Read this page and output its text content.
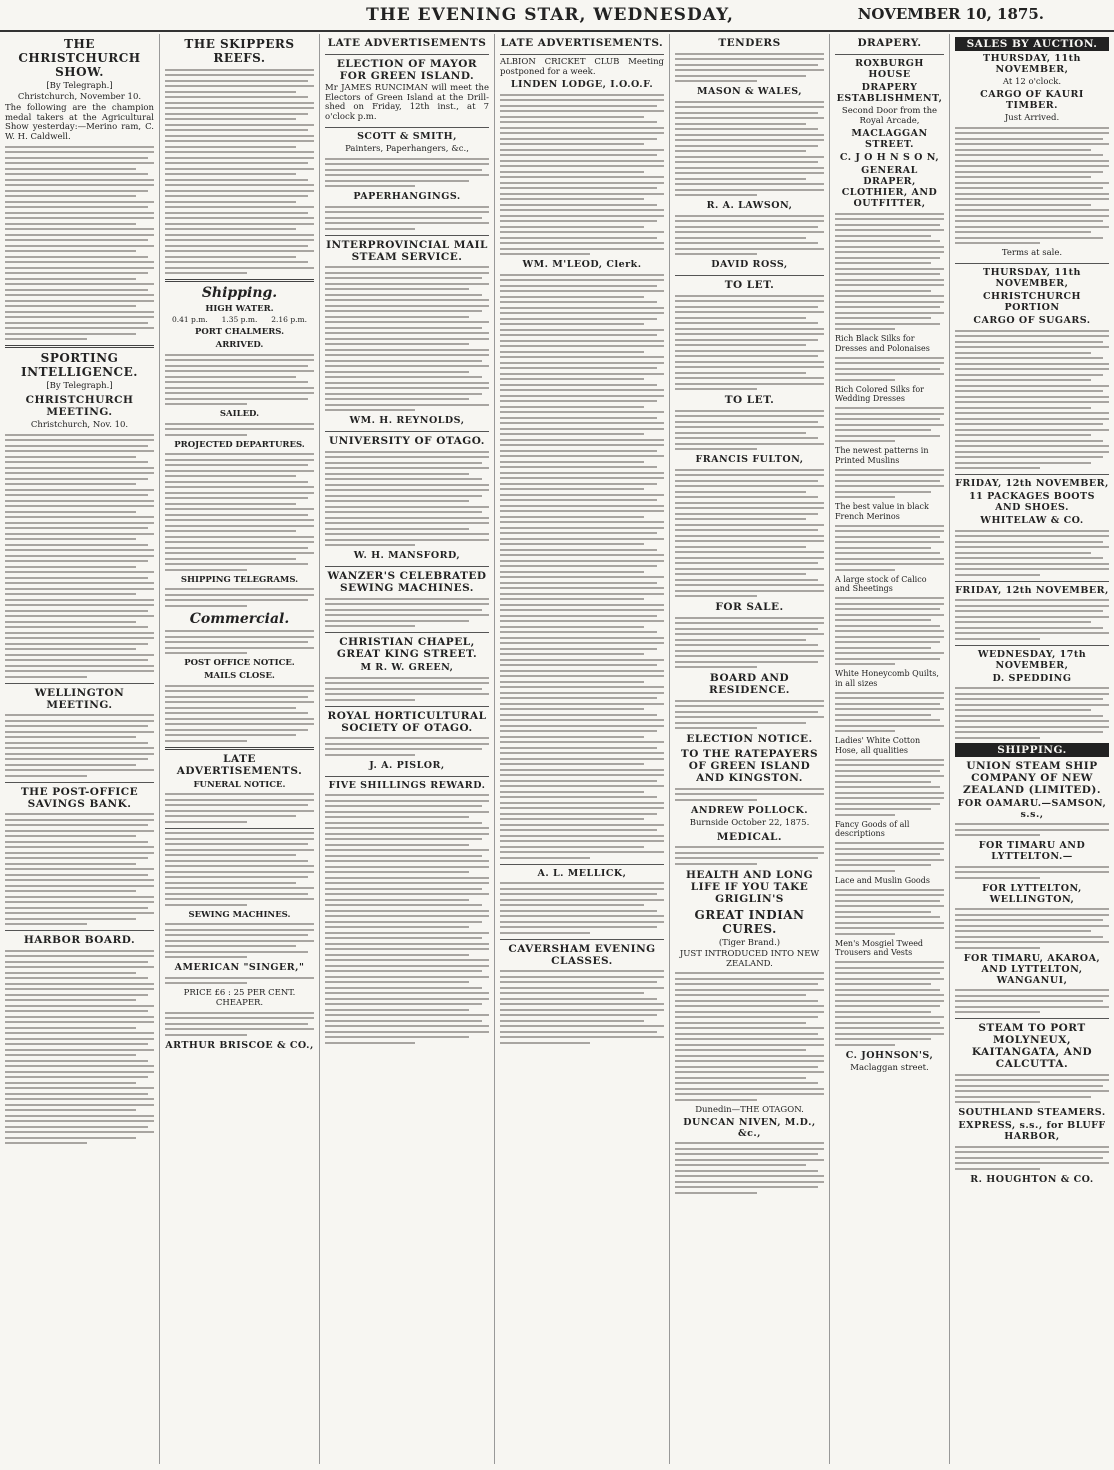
THE EVENING STAR, WEDNESDAY,	NOVEMBER 10, 1875.
THE CHRISTCHURCH SHOW.
[By Telegraph.]
Christchurch, November 10.
The following are the champion medal takers at the Agricultural Show yesterday:—Merino ram, C. W. H. Caldwell.
SPORTING INTELLIGENCE.
[By Telegraph.]
CHRISTCHURCH MEETING.
Christchurch, Nov. 10.
WELLINGTON MEETING.
THE POST-OFFICE SAVINGS BANK.
HARBOR BOARD.
THE SKIPPERS REEFS.
Shipping.
HIGH WATER.
0.41 p.m. 1.35 p.m. 2.16 p.m.
PORT CHALMERS.
ARRIVED.
SAILED.
PROJECTED DEPARTURES.
SHIPPING TELEGRAMS.
Commercial.
POST OFFICE NOTICE.
MAILS CLOSE.
LATE ADVERTISEMENTS.
FUNERAL NOTICE.
SEWING MACHINES.
AMERICAN "SINGER,"
PRICE £6 : 25 PER CENT. CHEAPER.
ARTHUR BRISCOE & CO.,
LATE ADVERTISEMENTS
ELECTION OF MAYOR FOR GREEN ISLAND.
Mr JAMES RUNCIMAN will meet the Electors of Green Island at the Drill-shed on Friday, 12th inst., at 7 o'clock p.m.
SCOTT & SMITH,
Painters, Paperhangers, &c.,
PAPERHANGINGS.
INTERPROVINCIAL MAIL STEAM SERVICE.
WM. H. REYNOLDS,
UNIVERSITY OF OTAGO.
W. H. MANSFORD,
WANZER'S CELEBRATED SEWING MACHINES.
CHRISTIAN CHAPEL, GREAT KING STREET.
M R. W. GREEN,
ROYAL HORTICULTURAL SOCIETY OF OTAGO.
J. A. PISLOR,
FIVE SHILLINGS REWARD.
LATE ADVERTISEMENTS.
ALBION CRICKET CLUB Meeting postponed for a week.
LINDEN LODGE, I.O.O.F.
WM. M'LEOD, Clerk.
A. L. MELLICK,
CAVERSHAM EVENING CLASSES.
TENDERS
MASON & WALES,
R. A. LAWSON,
DAVID ROSS,
TO LET.
TO LET.
FRANCIS FULTON,
FOR SALE.
BOARD AND RESIDENCE.
ELECTION NOTICE.
TO THE RATEPAYERS OF GREEN ISLAND AND KINGSTON.
ANDREW POLLOCK.
Burnside October 22, 1875.
MEDICAL.
HEALTH AND LONG LIFE IF YOU TAKE GRIGLIN'S
GREAT INDIAN CURES.
(Tiger Brand.)
JUST INTRODUCED INTO NEW ZEALAND.
Dunedin—THE OTAGON.
DUNCAN NIVEN, M.D., &c.,
DRAPERY.
ROXBURGH HOUSE
DRAPERY ESTABLISHMENT,
Second Door from the Royal Arcade,
MACLAGGAN STREET.
C. J O H N S O N,
GENERAL DRAPER, CLOTHIER, AND OUTFITTER,
Rich Black Silks for Dresses and Polonaises
Rich Colored Silks for Wedding Dresses
The newest patterns in Printed Muslins
The best value in black French Merinos
A large stock of Calico and Sheetings
White Honeycomb Quilts, in all sizes
Ladies' White Cotton Hose, all qualities
Fancy Goods of all descriptions
Lace and Muslin Goods
Men's Mosgiel Tweed Trousers and Vests
C. JOHNSON'S,
Maclaggan street.
SALES BY AUCTION.
THURSDAY, 11th NOVEMBER,
At 12 o'clock.
CARGO OF KAURI TIMBER.
Just Arrived.
Terms at sale.
THURSDAY, 11th NOVEMBER,
CHRISTCHURCH PORTION
CARGO OF SUGARS.
FRIDAY, 12th NOVEMBER,
11 PACKAGES BOOTS AND SHOES.
WHITELAW & CO.
FRIDAY, 12th NOVEMBER,
WEDNESDAY, 17th NOVEMBER,
D. SPEDDING
SHIPPING.
UNION STEAM SHIP COMPANY OF NEW ZEALAND (LIMITED).
FOR OAMARU.—SAMSON, s.s.,
FOR TIMARU AND LYTTELTON.—
FOR LYTTELTON, WELLINGTON,
FOR TIMARU, AKAROA, AND LYTTELTON, WANGANUI,
STEAM TO PORT MOLYNEUX, KAITANGATA, AND CALCUTTA.
SOUTHLAND STEAMERS.
EXPRESS, s.s., for BLUFF HARBOR,
R. HOUGHTON & CO.
